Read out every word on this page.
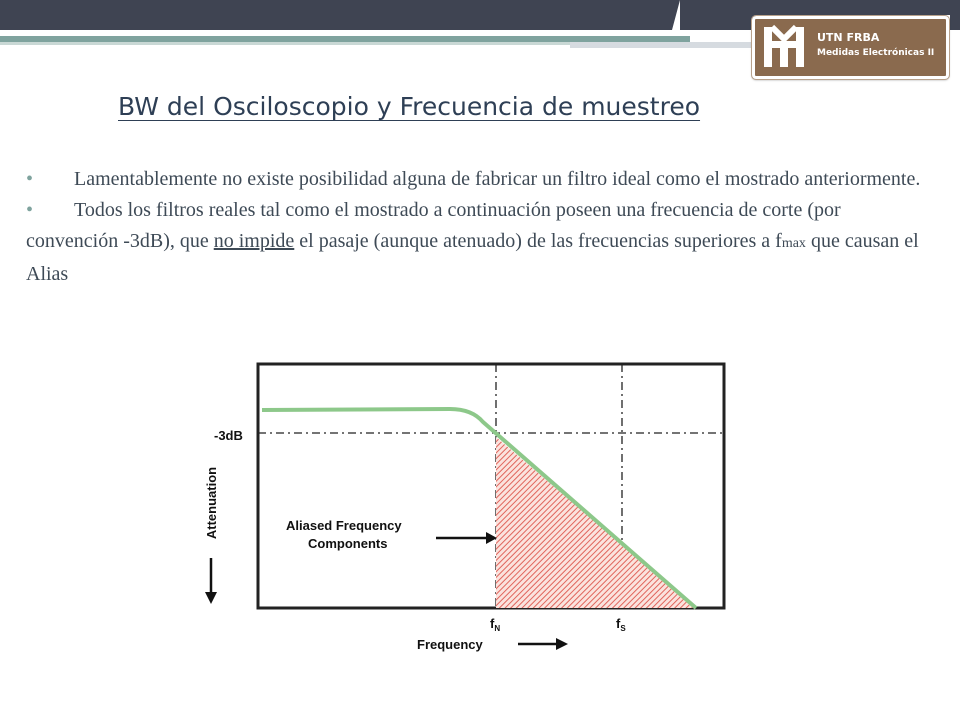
UTN FRBA
Medidas Electrónicas II
BW del Osciloscopio y Frecuencia de muestreo

• Lamentablemente no existe posibilidad alguna de fabricar un filtro ideal como el mostrado anteriormente.

• Todos los filtros reales tal como el mostrado a continuación poseen una frecuencia de corte (por convención -3dB), que no impide el pasaje (aunque atenuado) de las frecuencias superiores a fmax que causan el Alias

-3dB
Attenuation	Aliased Frequency
Components
$f_N$	$f_S$
Frequency
